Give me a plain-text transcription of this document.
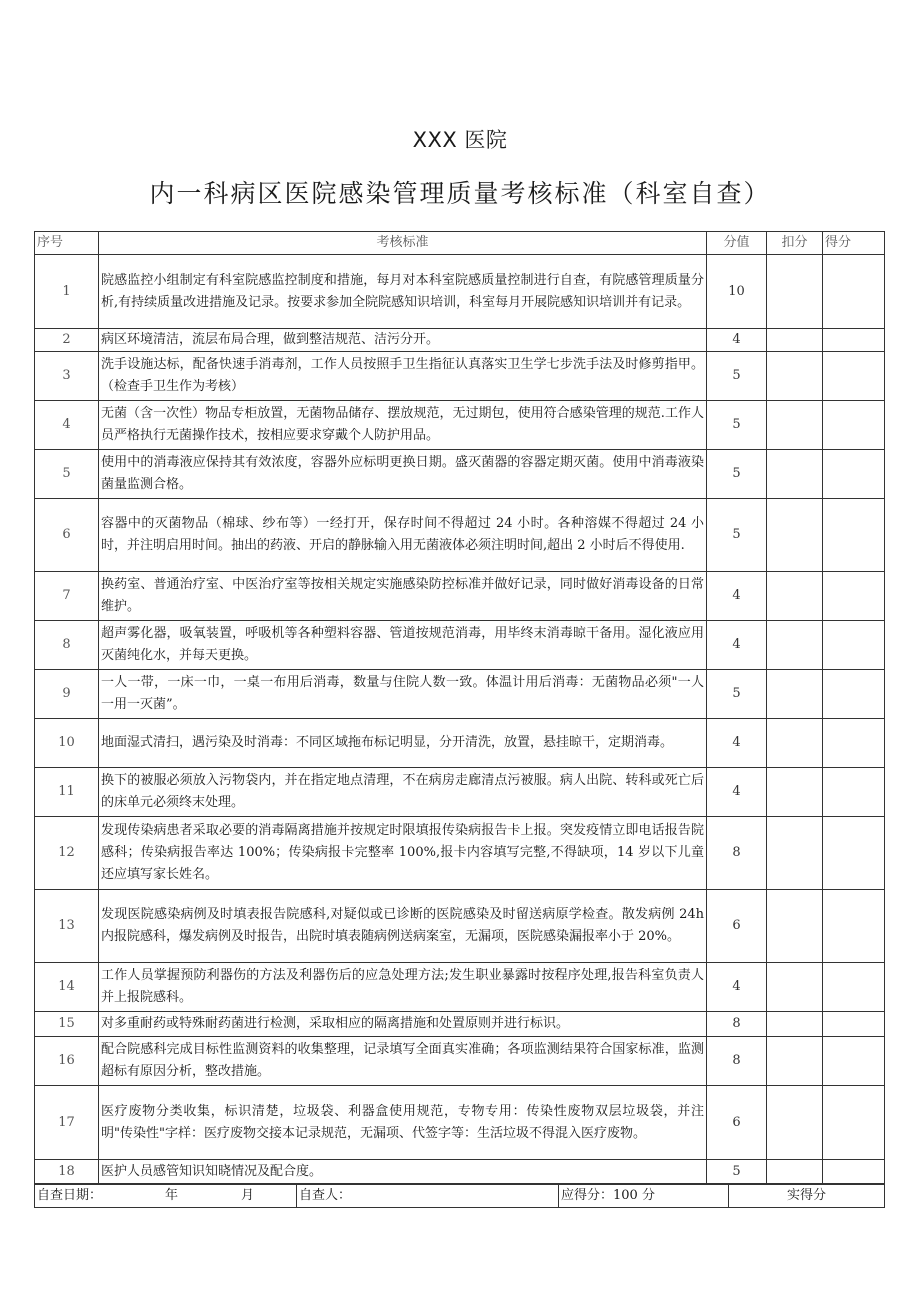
XXX 医院
内一科病区医院感染管理质量考核标准（科室自查）
序号	考核标准	分值	扣分	得分
1	院感监控小组制定有科室院感监控制度和措施，每月对本科室院感质量控制进行自查，有院感管理质量分析,有持续质量改进措施及记录。按要求参加全院院感知识培训，科室每月开展院感知识培训并有记录。	10		
2	病区环境清洁，流层布局合理，做到整洁规范、洁污分开。	4		
3	洗手设施达标，配备快速手消毒剂，工作人员按照手卫生指征认真落实卫生学七步洗手法及时修剪指甲。（检查手卫生作为考核）	5		
4	无菌（含一次性）物品专柜放置，无菌物品储存、摆放规范，无过期包，使用符合感染管理的规范.工作人员严格执行无菌操作技术，按相应要求穿戴个人防护用品。	5		
5	使用中的消毒液应保持其有效浓度，容器外应标明更换日期。盛灭菌器的容器定期灭菌。使用中消毒液染菌量监测合格。	5		
6	容器中的灭菌物品（棉球、纱布等）一经打开，保存时间不得超过 24 小时。各种溶媒不得超过 24 小时，并注明启用时间。抽出的药液、开启的静脉输入用无菌液体必须注明时间,超出 2 小时后不得使用.	5		
7	换药室、普通治疗室、中医治疗室等按相关规定实施感染防控标准并做好记录，同时做好消毒设备的日常维护。	4		
8	超声雾化器，吸氧装置，呼吸机等各种塑料容器、管道按规范消毒，用毕终末消毒晾干备用。湿化液应用灭菌纯化水，并每天更换。	4		
9	一人一带，一床一巾，一桌一布用后消毒，数量与住院人数一致。体温计用后消毒：无菌物品必须"一人一用一灭菌”。	5		
10	地面湿式清扫，遇污染及时消毒：不同区域拖布标记明显，分开清洗，放置，悬挂晾干，定期消毒。	4		
11	换下的被服必须放入污物袋内，并在指定地点清理，不在病房走廊清点污被服。病人出院、转科或死亡后的床单元必须终末处理。	4		
12	发现传染病患者采取必要的消毒隔离措施并按规定时限填报传染病报告卡上报。突发疫情立即电话报告院感科；传染病报告率达 100%；传染病报卡完整率 100%,报卡内容填写完整,不得缺项，14 岁以下儿童还应填写家长姓名。	8		
13	发现医院感染病例及时填表报告院感科,对疑似或已诊断的医院感染及时留送病原学检查。散发病例 24h 内报院感科，爆发病例及时报告，出院时填表随病例送病案室，无漏项，医院感染漏报率小于 20%。	6		
14	工作人员掌握预防利器伤的方法及利器伤后的应急处理方法;发生职业暴露时按程序处理,报告科室负责人并上报院感科。	4		
15	对多重耐药或特殊耐药菌进行检测，采取相应的隔离措施和处置原则并进行标识。	8		
16	配合院感科完成目标性监测资料的收集整理，记录填写全面真实准确；各项监测结果符合国家标准，监测超标有原因分析，整改措施。	8		
17	医疗废物分类收集，标识清楚，垃圾袋、利器盒使用规范，专物专用：传染性废物双层垃圾袋，并注明"传染性"字样：医疗废物交接本记录规范，无漏项、代签字等：生活垃圾不得混入医疗废物。	6		
18	医护人员感管知识知晓情况及配合度。	5		
自查日期：	年	月	自查人：	应得分：100 分	实得分
